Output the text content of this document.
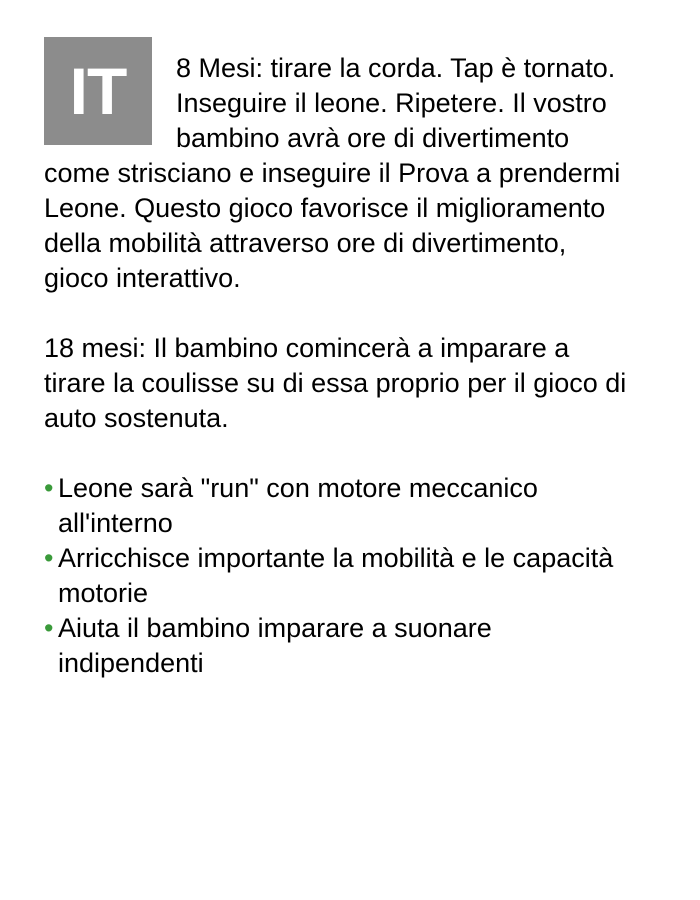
IT	8 Mesi: tirare la corda. Tap è tornato. Inseguire il leone. Ripetere. Il vostro bambino avrà ore di divertimento come strisciano e inseguire il Prova a prendermi Leone. Questo gioco favorisce il miglioramento della mobilità attraverso ore di divertimento, gioco interattivo.

18 mesi: Il bambino comincerà a imparare a tirare la coulisse su di essa proprio per il gioco di auto sostenuta.

• Leone sarà "run" con motore meccanico all'interno
• Arricchisce importante la mobilità e le capacità motorie
• Aiuta il bambino imparare a suonare indipendenti
